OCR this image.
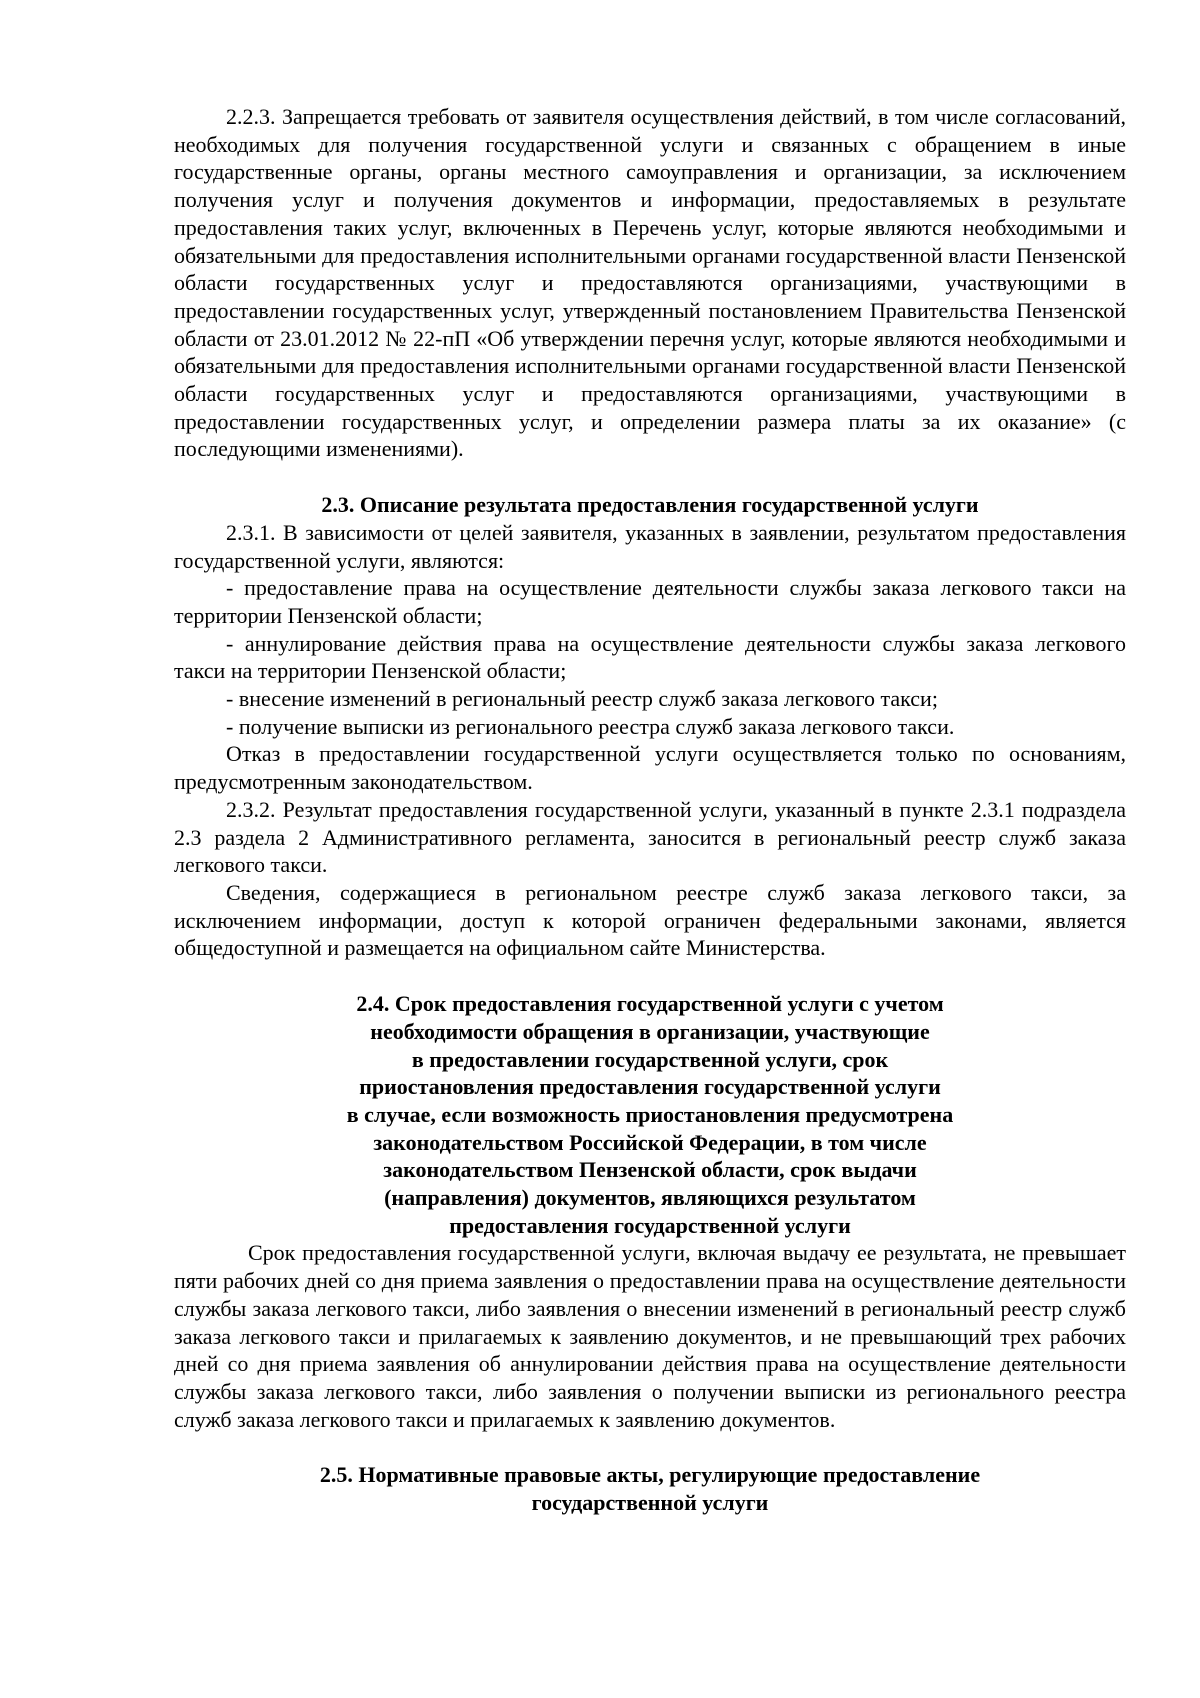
2.2.3. Запрещается требовать от заявителя осуществления действий, в том числе согласований, необходимых для получения государственной услуги и связанных с обращением в иные государственные органы, органы местного самоуправления и организации, за исключением получения услуг и получения документов и информации, предоставляемых в результате предоставления таких услуг, включенных в Перечень услуг, которые являются необходимыми и обязательными для предоставления исполнительными органами государственной власти Пензенской области государственных услуг и предоставляются организациями, участвующими в предоставлении государственных услуг, утвержденный постановлением Правительства Пензенской области от 23.01.2012 № 22-пП «Об утверждении перечня услуг, которые являются необходимыми и обязательными для предоставления исполнительными органами государственной власти Пензенской области государственных услуг и предоставляются организациями, участвующими в предоставлении государственных услуг, и определении размера платы за их оказание» (с последующими изменениями).

2.3. Описание результата предоставления государственной услуги

2.3.1. В зависимости от целей заявителя, указанных в заявлении, результатом предоставления государственной услуги, являются:

- предоставление права на осуществление деятельности службы заказа легкового такси на территории Пензенской области;

- аннулирование действия права на осуществление деятельности службы заказа легкового такси на территории Пензенской области;

- внесение изменений в региональный реестр служб заказа легкового такси;

- получение выписки из регионального реестра служб заказа легкового такси.

Отказ в предоставлении государственной услуги осуществляется только по основаниям, предусмотренным законодательством.

2.3.2. Результат предоставления государственной услуги, указанный в пункте 2.3.1 подраздела 2.3 раздела 2 Административного регламента, заносится в региональный реестр служб заказа легкового такси.

Сведения, содержащиеся в региональном реестре служб заказа легкового такси, за исключением информации, доступ к которой ограничен федеральными законами, является общедоступной и размещается на официальном сайте Министерства.

2.4. Срок предоставления государственной услуги с учетом

необходимости обращения в организации, участвующие

в предоставлении государственной услуги, срок

приостановления предоставления государственной услуги

в случае, если возможность приостановления предусмотрена

законодательством Российской Федерации, в том числе

законодательством Пензенской области, срок выдачи

(направления) документов, являющихся результатом

предоставления государственной услуги

Срок предоставления государственной услуги, включая выдачу ее результата, не превышает пяти рабочих дней со дня приема заявления о предоставлении права на осуществление деятельности службы заказа легкового такси, либо заявления о внесении изменений в региональный реестр служб заказа легкового такси и прилагаемых к заявлению документов, и не превышающий трех рабочих дней со дня приема заявления об аннулировании действия права на осуществление деятельности службы заказа легкового такси, либо заявления о получении выписки из регионального реестра служб заказа легкового такси и прилагаемых к заявлению документов.

2.5. Нормативные правовые акты, регулирующие предоставление

государственной услуги
